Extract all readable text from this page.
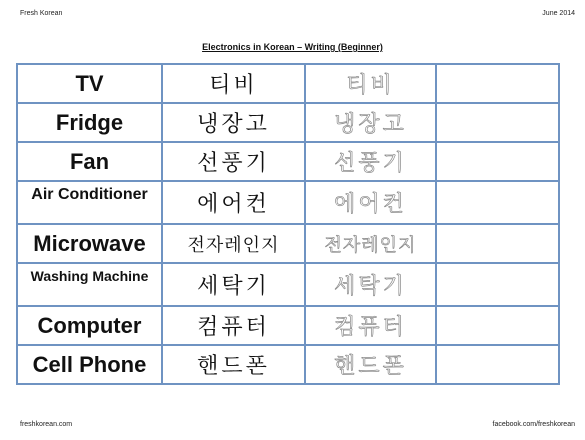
Fresh Korean	June 2014
Electronics in Korean – Writing (Beginner)
TV	티비	티비	
Fridge	냉장고	냉장고	
Fan	선풍기	선풍기	
Air Conditioner	에어컨	에어컨	
Microwave	전자레인지	전자레인지	
Washing Machine	세탁기	세탁기	
Computer	컴퓨터	컴퓨터	
Cell Phone	핸드폰	핸드폰	
freshkorean.com	facebook.com/freshkorean
